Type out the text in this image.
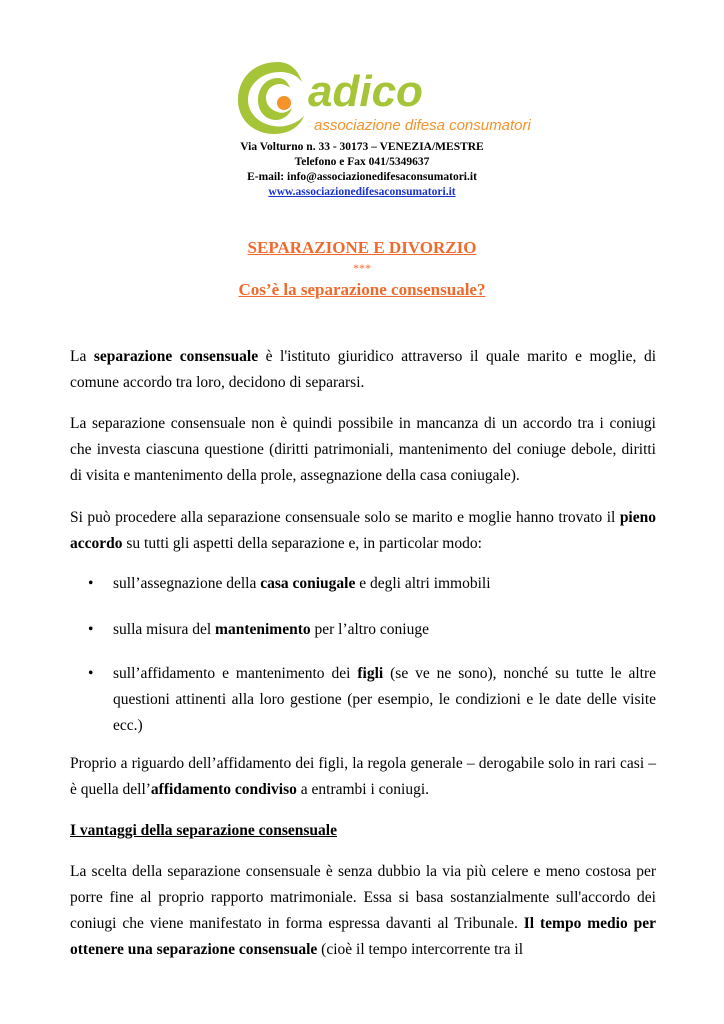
adico
associazione difesa consumatori
Via Volturno n. 33 - 30173 – VENEZIA/MESTRE
Telefono e Fax 041/5349637
E-mail: info@associazionedifesaconsumatori.it
www.associazionedifesaconsumatori.it
SEPARAZIONE E DIVORZIO
***
Cos’è la separazione consensuale?

La separazione consensuale è l'istituto giuridico attraverso il quale marito e moglie, di comune accordo tra loro, decidono di separarsi.

La separazione consensuale non è quindi possibile in mancanza di un accordo tra i coniugi che investa ciascuna questione (diritti patrimoniali, mantenimento del coniuge debole, diritti di visita e mantenimento della prole, assegnazione della casa coniugale).

Si può procedere alla separazione consensuale solo se marito e moglie hanno trovato il pieno accordo su tutti gli aspetti della separazione e, in particolar modo:

• sull’assegnazione della casa coniugale e degli altri immobili
• sulla misura del mantenimento per l’altro coniuge
• sull’affidamento e mantenimento dei figli (se ve ne sono), nonché su tutte le altre questioni attinenti alla loro gestione (per esempio, le condizioni e le date delle visite ecc.)

Proprio a riguardo dell’affidamento dei figli, la regola generale – derogabile solo in rari casi – è quella dell’affidamento condiviso a entrambi i coniugi.

I vantaggi della separazione consensuale

La scelta della separazione consensuale è senza dubbio la via più celere e meno costosa per porre fine al proprio rapporto matrimoniale. Essa si basa sostanzialmente sull'accordo dei coniugi che viene manifestato in forma espressa davanti al Tribunale. Il tempo medio per ottenere una separazione consensuale (cioè il tempo intercorrente tra il
